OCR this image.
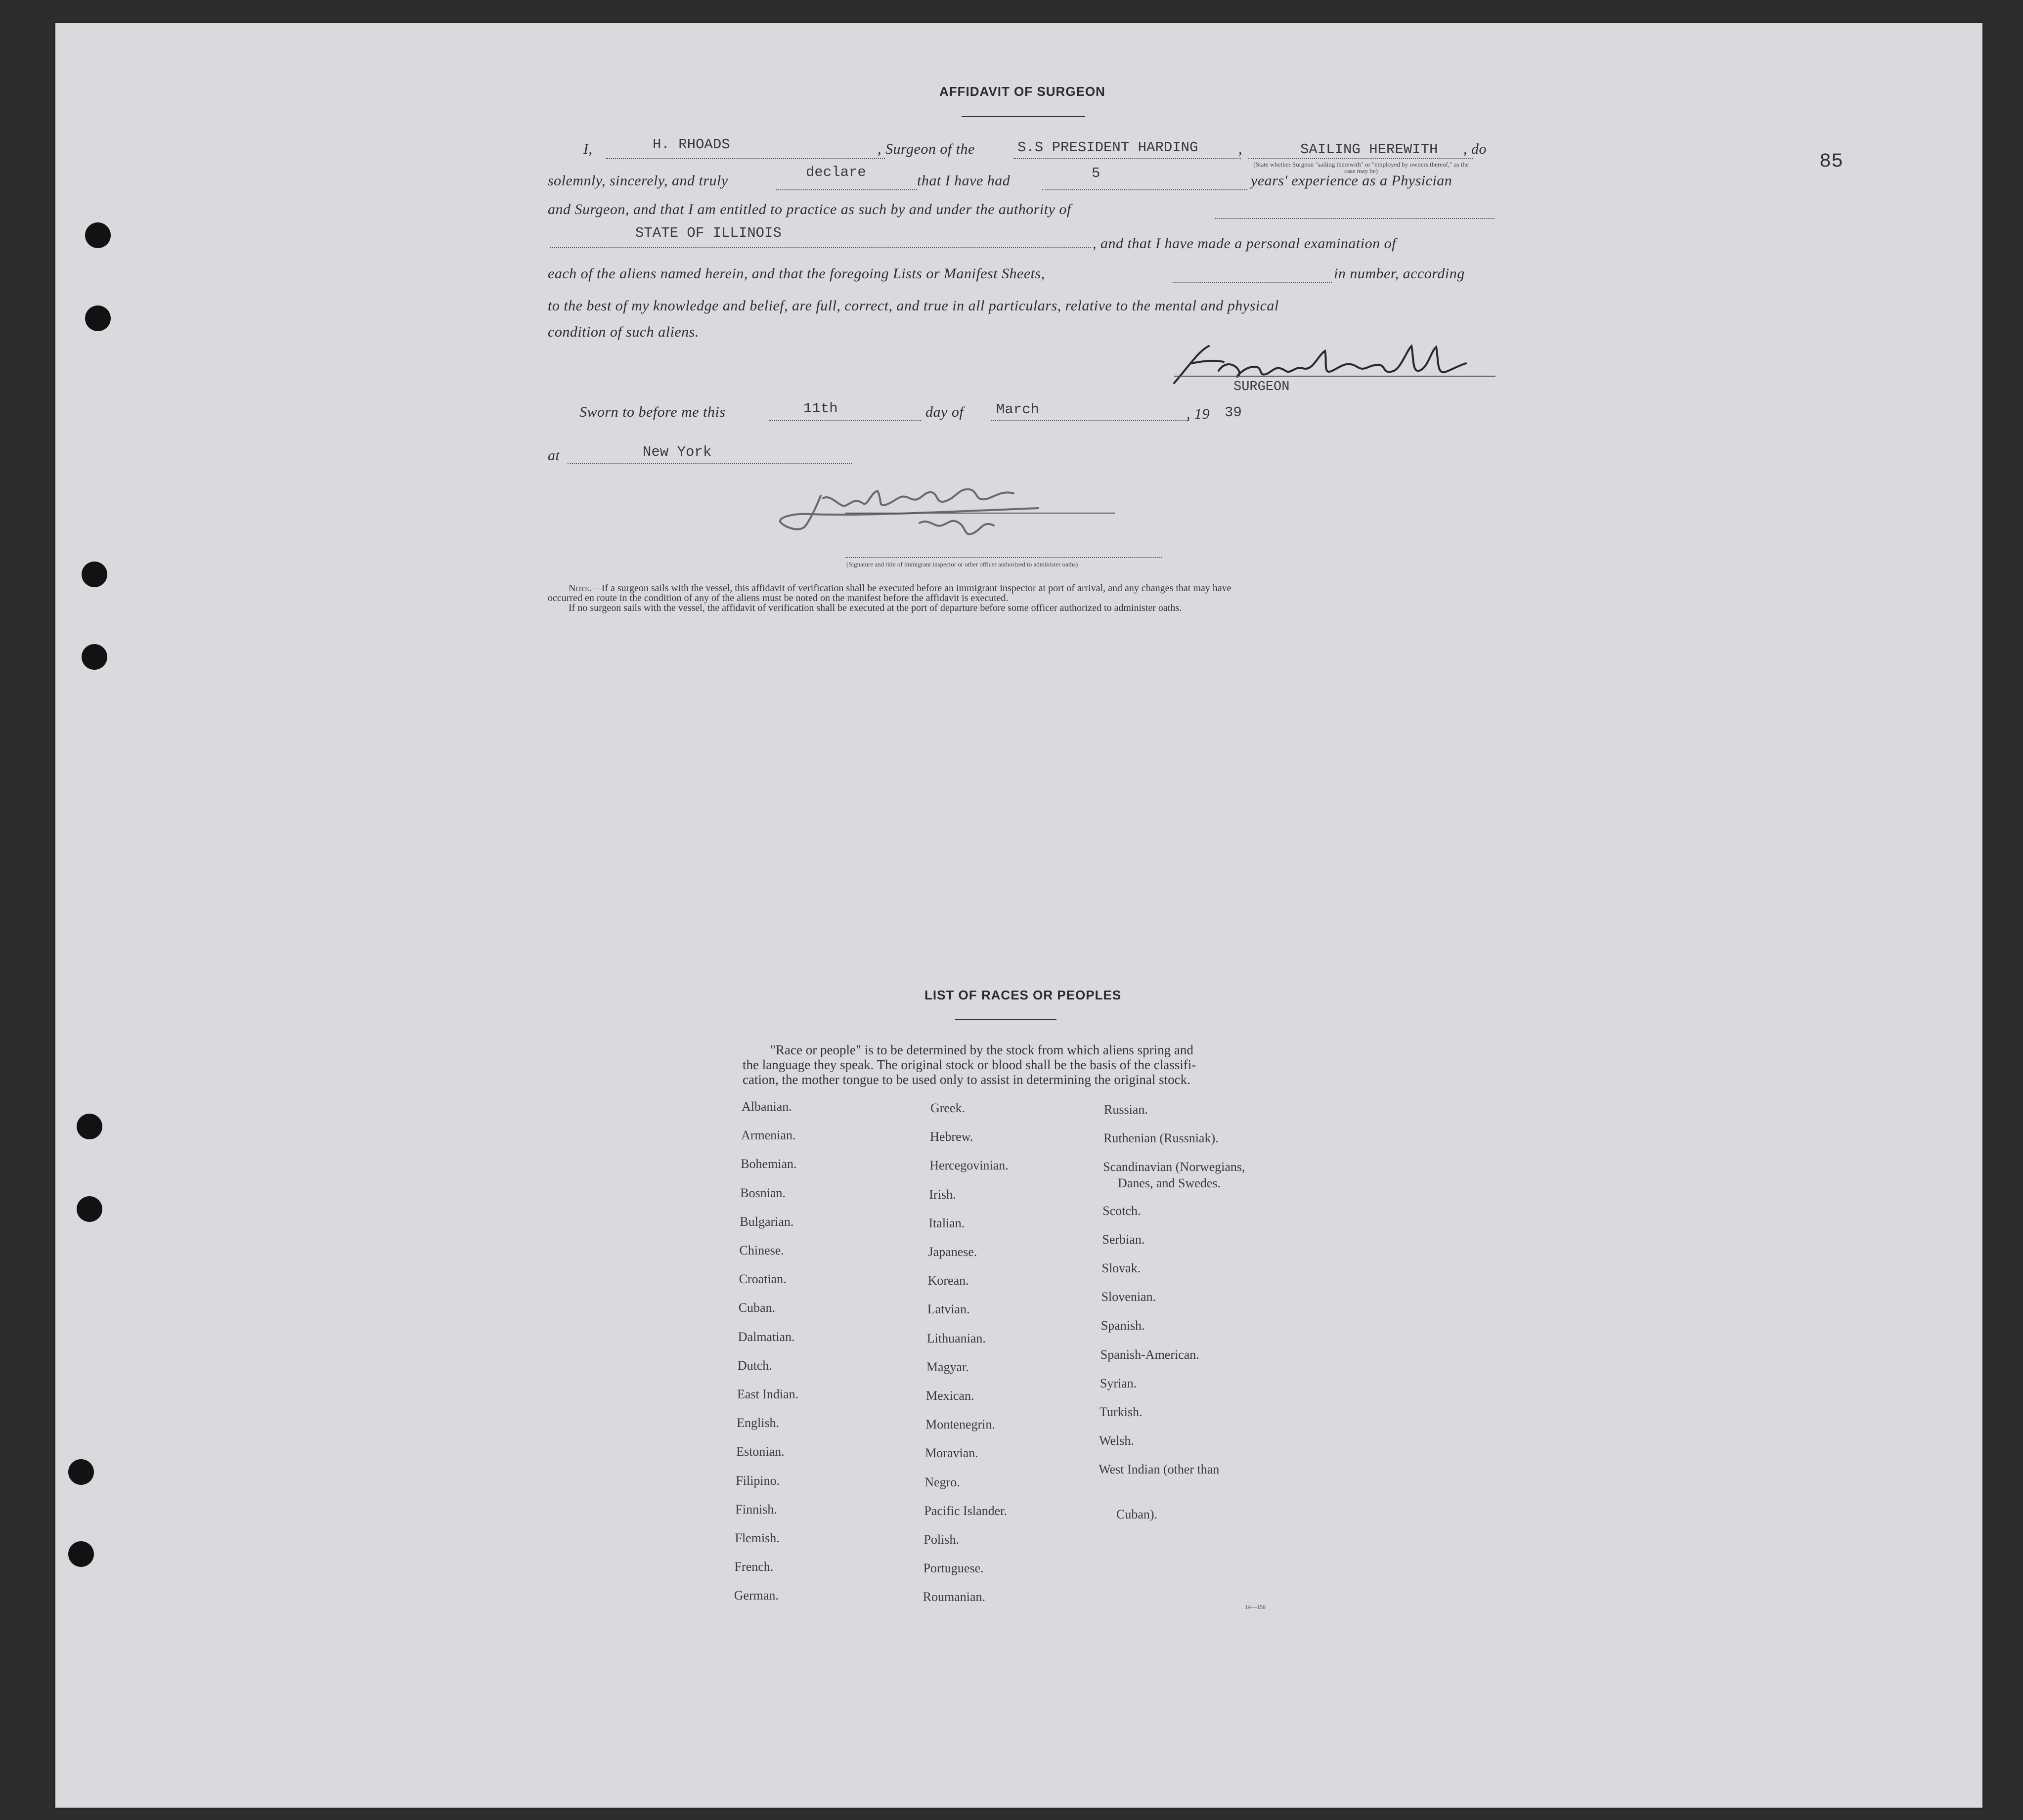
85
AFFIDAVIT OF SURGEON
I,	H. RHOADS	, Surgeon of the	S.S PRESIDENT HARDING	,	SAILING HEREWITH , do
(State whether Surgeon "sailing therewith" or "employed by owners thereof," as the case may be)
solemnly, sincerely, and truly
declare
that I have had	5	years' experience as a Physician
and Surgeon, and that I am entitled to practice as such by and under the authority of
STATE OF ILLINOIS
, and that I have made a personal examination of
each of the aliens named herein, and that the foregoing Lists or Manifest Sheets,	in number, according
to the best of my knowledge and belief, are full, correct, and true in all particulars, relative to the mental and physical
condition of such aliens.
SURGEON
Sworn to before me this	11th	day of March	, 19 39
at	New York
(Signature and title of immigrant inspector or other officer authorized to administer oaths)
Note.—If a surgeon sails with the vessel, this affidavit of verification shall be executed before an immigrant inspector at port of arrival, and any changes that may have
occurred en route in the condition of any of the aliens must be noted on the manifest before the affidavit is executed.
If no surgeon sails with the vessel, the affidavit of verification shall be executed at the port of departure before some officer authorized to administer oaths.
LIST OF RACES OR PEOPLES
"Race or people" is to be determined by the stock from which aliens spring and
the language they speak. The original stock or blood shall be the basis of the classifi-
cation, the mother tongue to be used only to assist in determining the original stock.
Albanian.
Armenian.
Bohemian.
Bosnian.
Bulgarian.
Chinese.
Croatian.
Cuban.
Dalmatian.
Dutch.
East Indian.
English.
Estonian.
Filipino.
Finnish.
Flemish.
French.
German.
Greek.
Hebrew.
Hercegovinian.
Irish.
Italian.
Japanese.
Korean.
Latvian.
Lithuanian.
Magyar.
Mexican.
Montenegrin.
Moravian.
Negro.
Pacific Islander.
Polish.
Portuguese.
Roumanian.
Russian.
Ruthenian (Russniak).
Scandinavian (Norwegians,
Danes, and Swedes.
Scotch.
Serbian.
Slovak.
Slovenian.
Spanish.
Spanish-American.
Syrian.
Turkish.
Welsh.
West Indian (other than
Cuban).
14—150
